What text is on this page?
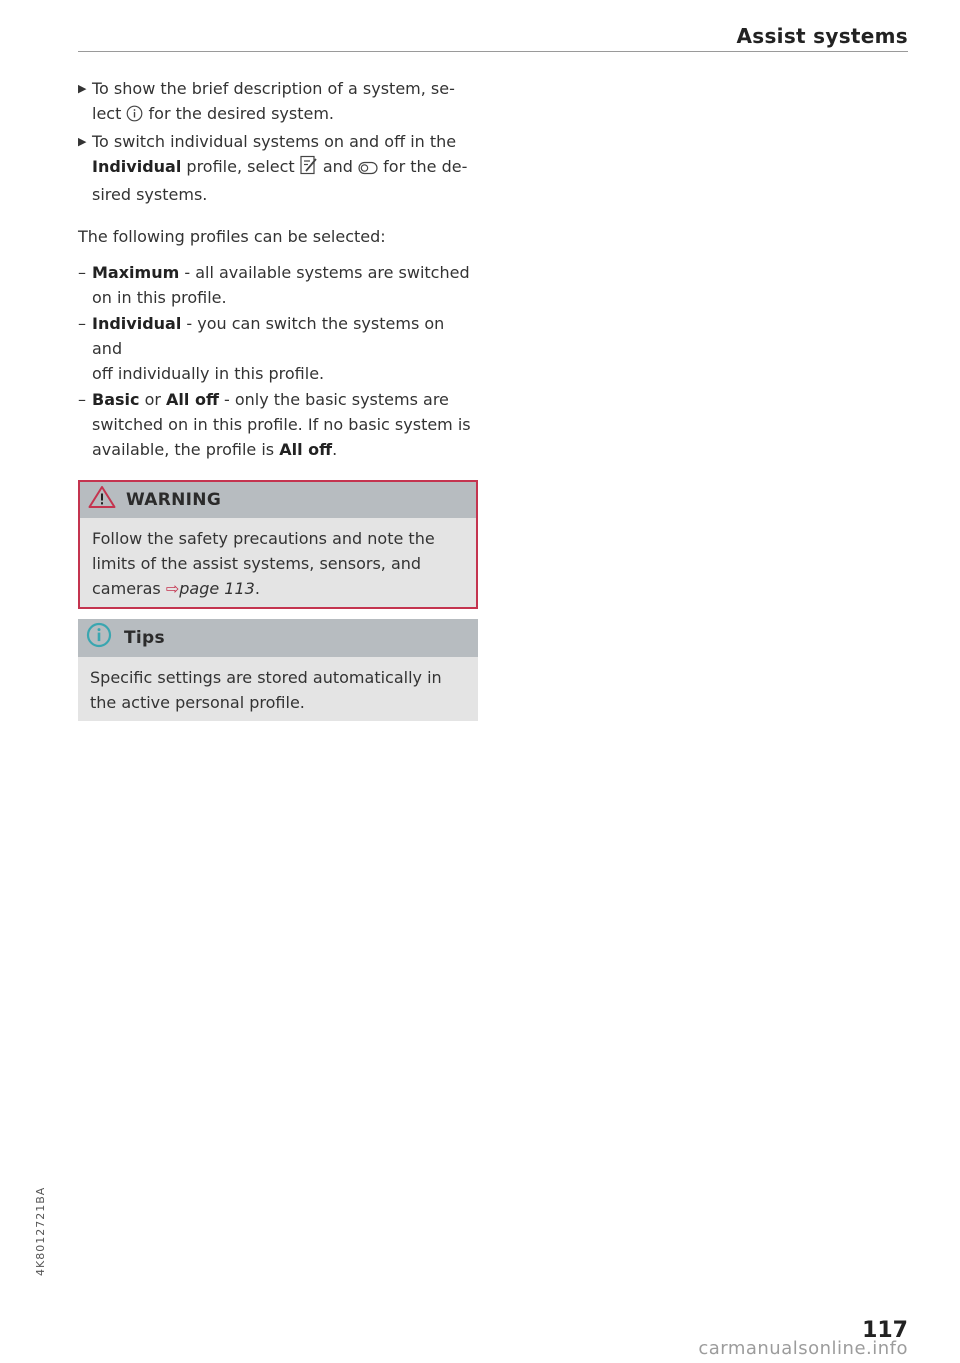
Assist systems
▶ To show the brief description of a system, se-
lect for the desired system.
▶ To switch individual systems on and off in the
Individual profile, select and for the de-
sired systems.
The following profiles can be selected:
– Maximum - all available systems are switched
on in this profile.
– Individual - you can switch the systems on and
off individually in this profile.
– Basic or All off - only the basic systems are
switched on in this profile. If no basic system is
available, the profile is All off.
WARNING
Follow the safety precautions and note the
limits of the assist systems, sensors, and
cameras ⇨page 113.
Tips
Specific settings are stored automatically in
the active personal profile.
4K8012721BA
117
carmanualsonline.info
